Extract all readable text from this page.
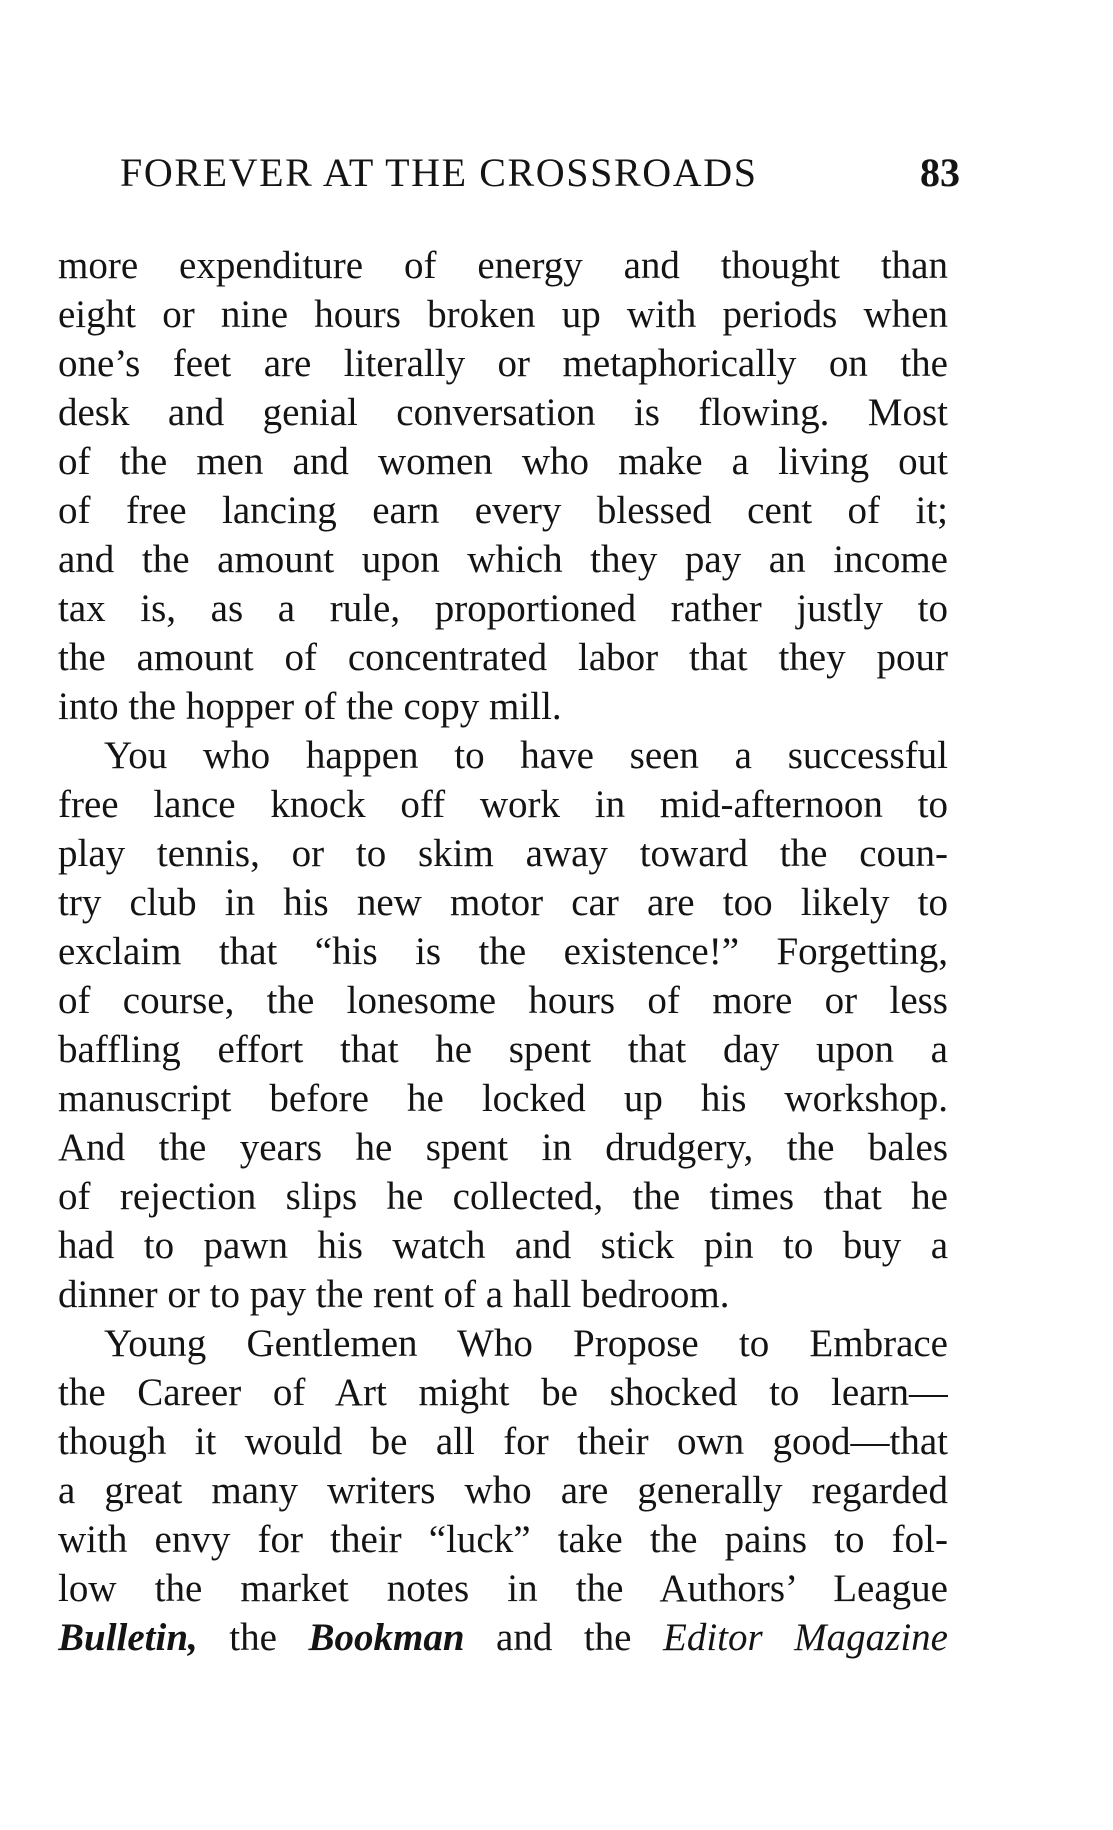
FOREVER AT THE CROSSROADS	83
more expenditure of energy and thought than
eight or nine hours broken up with periods when
one’s feet are literally or metaphorically on the
desk and genial conversation is flowing. Most
of the men and women who make a living out
of free lancing earn every blessed cent of it;
and the amount upon which they pay an income
tax is, as a rule, proportioned rather justly to
the amount of concentrated labor that they pour
into the hopper of the copy mill.
You who happen to have seen a successful
free lance knock off work in mid-afternoon to
play tennis, or to skim away toward the coun-
try club in his new motor car are too likely to
exclaim that “his is the existence!” Forgetting,
of course, the lonesome hours of more or less
baffling effort that he spent that day upon a
manuscript before he locked up his workshop.
And the years he spent in drudgery, the bales
of rejection slips he collected, the times that he
had to pawn his watch and stick pin to buy a
dinner or to pay the rent of a hall bedroom.
Young Gentlemen Who Propose to Embrace
the Career of Art might be shocked to learn—
though it would be all for their own good—that
a great many writers who are generally regarded
with envy for their “luck” take the pains to fol-
low the market notes in the Authors’ League
Bulletin, the Bookman and the Editor Magazine
